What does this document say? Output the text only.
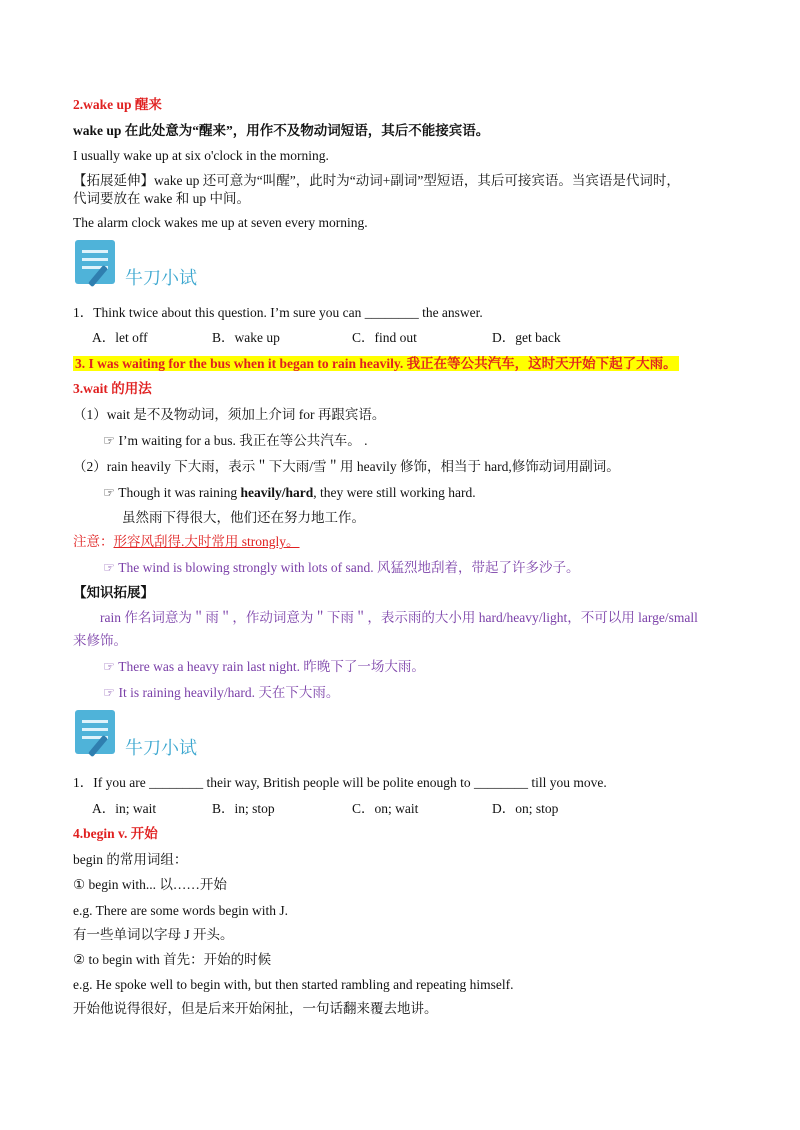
2.wake up 醒来
wake up 在此处意为“醒来”，用作不及物动词短语，其后不能接宾语。
I usually wake up at six o'clock in the morning.
【拓展延伸】wake up 还可意为“叫醒”，此时为“动词+副词”型短语，其后可接宾语。当宾语是代词时，
代词要放在 wake 和 up 中间。
The alarm clock wakes me up at seven every morning.
牛刀小试
1．Think twice about this question. I’m sure you can ________ the answer.
A．let off	B．wake up	C．find out	D．get back
3. I was waiting for the bus when it began to rain heavily. 我正在等公共汽车，这时天开始下起了大雨。
3.wait 的用法
（1）wait 是不及物动词，须加上介词 for 再跟宾语。
☞ I’m waiting for a bus. 我正在等公共汽车。 .
（2）rain heavily 下大雨，表示＂下大雨/雪＂用 heavily 修饰，相当于 hard,修饰动词用副词。
☞ Though it was raining heavily/hard, they were still working hard.
虽然雨下得很大，他们还在努力地工作。
注意：形容风刮得.大时常用 strongly。
☞ The wind is blowing strongly with lots of sand. 风猛烈地刮着，带起了许多沙子。
【知识拓展】
rain 作名词意为＂雨＂，作动词意为＂下雨＂，表示雨的大小用 hard/heavy/light，不可以用 large/small
来修饰。
☞ There was a heavy rain last night. 昨晚下了一场大雨。
☞ It is raining heavily/hard. 天在下大雨。
牛刀小试
1．If you are ________ their way, British people will be polite enough to ________ till you move.
A．in; wait	B．in; stop	C．on; wait	D．on; stop
4.begin v. 开始
begin 的常用词组：
① begin with... 以……开始
e.g. There are some words begin with J.
有一些单词以字母 J 开头。
② to begin with 首先：开始的时候
e.g. He spoke well to begin with, but then started rambling and repeating himself.
开始他说得很好，但是后来开始闲扯，一句话翻来覆去地讲。
